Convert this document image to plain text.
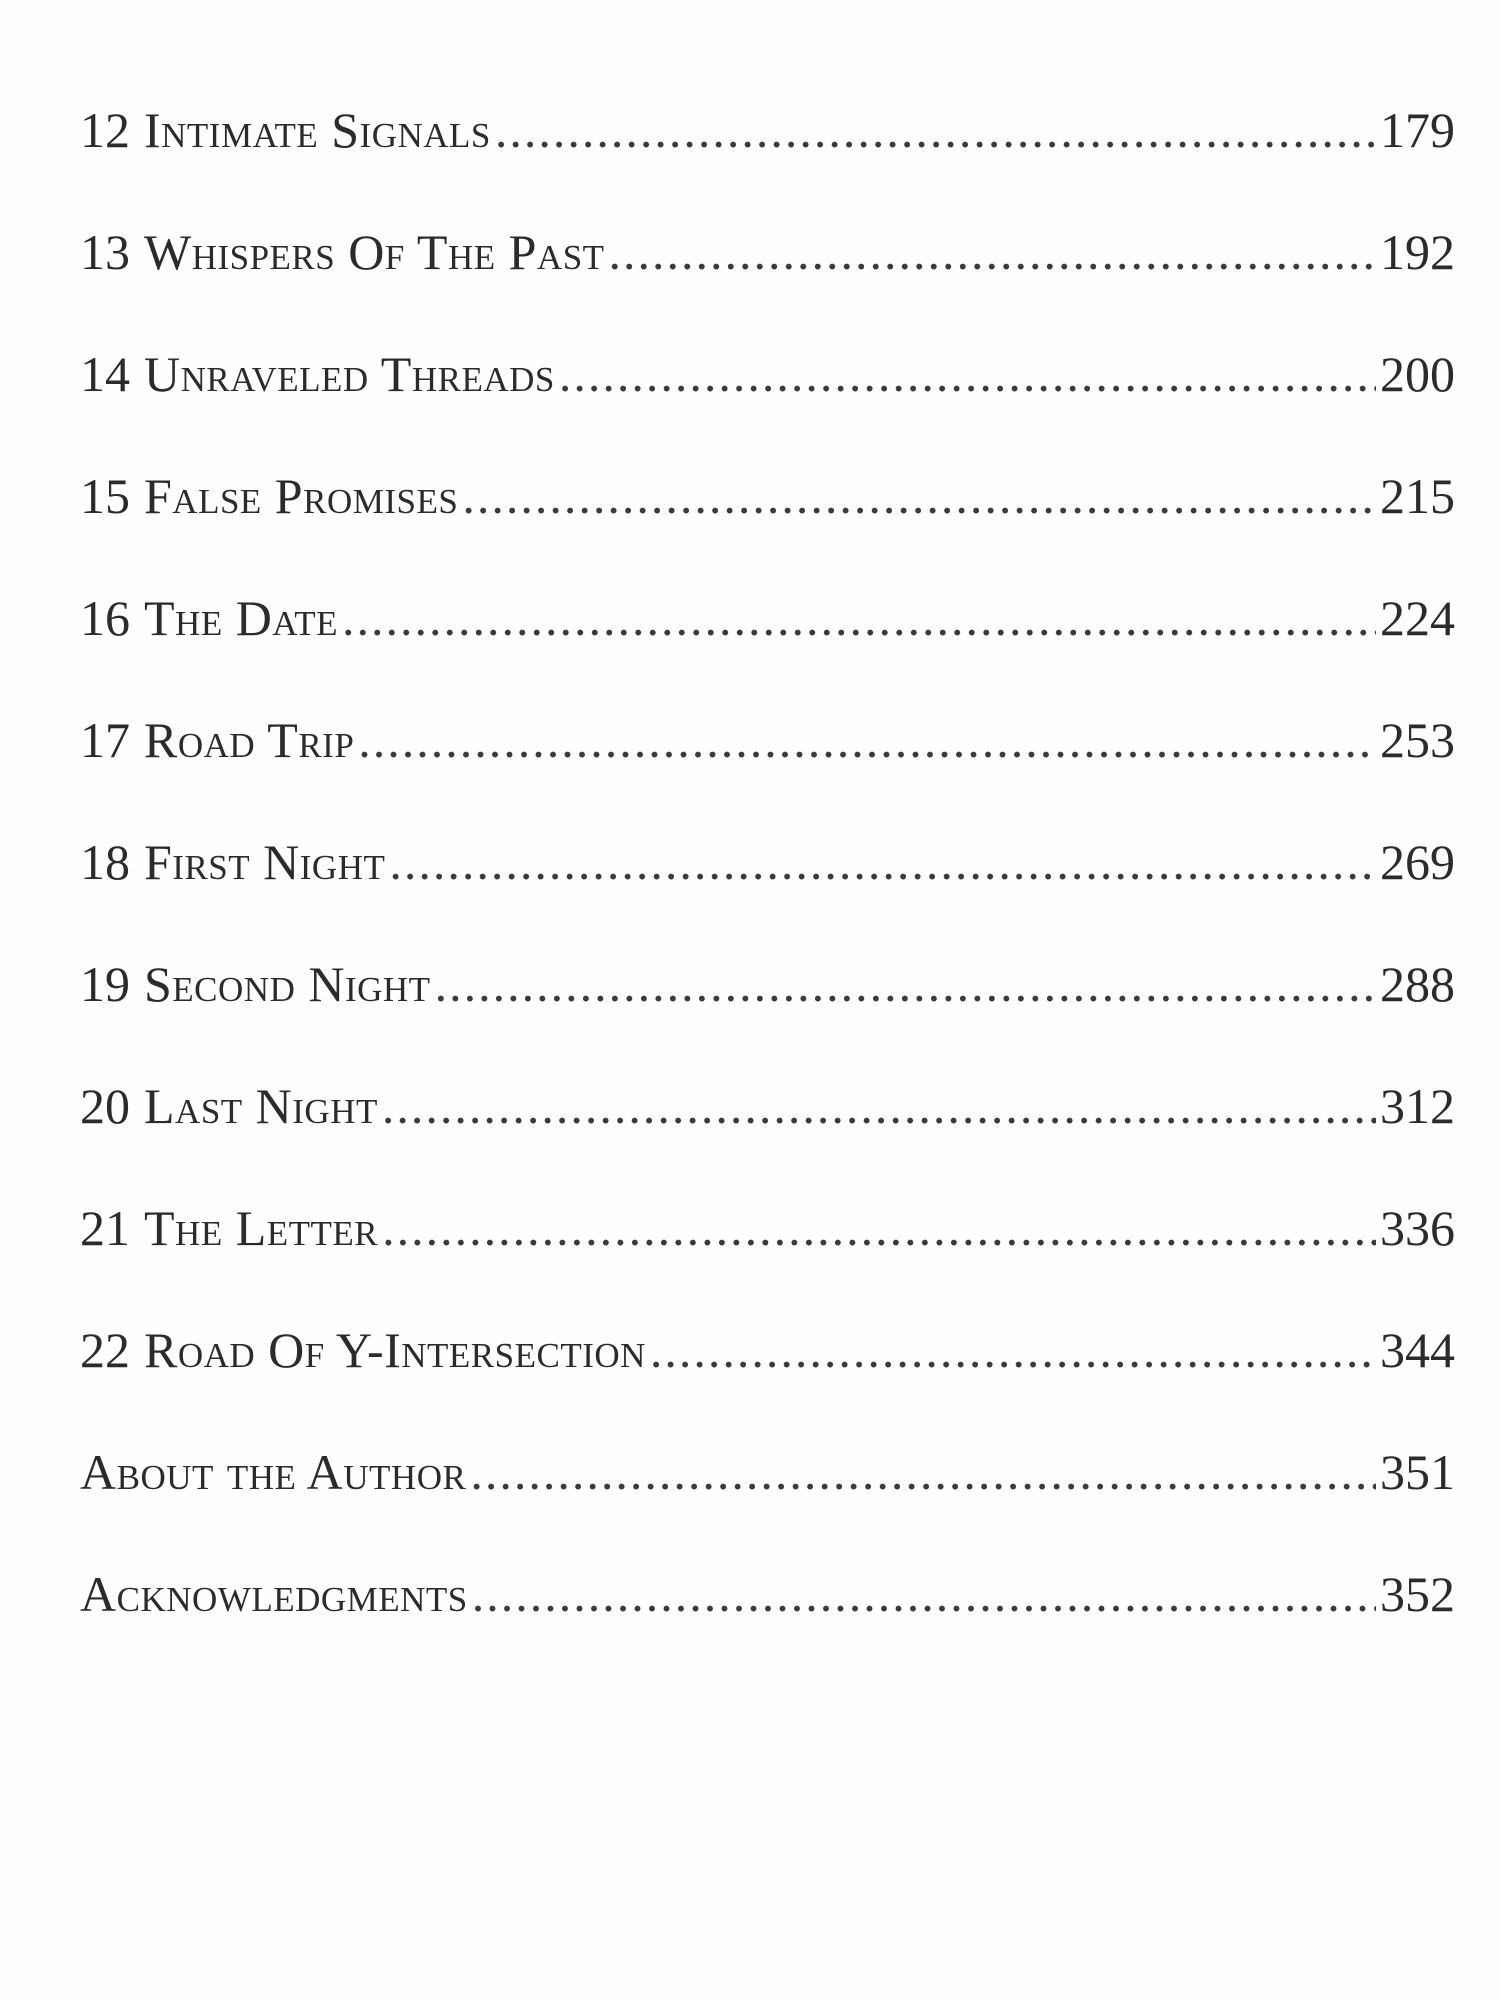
12 Intimate Signals .....	179
13 Whispers Of The Past .....	192
14 Unraveled Threads .....	200
15 False Promises .....	215
16 The Date .....	224
17 Road Trip .....	253
18 First Night .....	269
19 Second Night .....	288
20 Last Night .....	312
21 The Letter .....	336
22 Road Of Y-Intersection .....	344
About the Author .....	351
Acknowledgments .....	352
